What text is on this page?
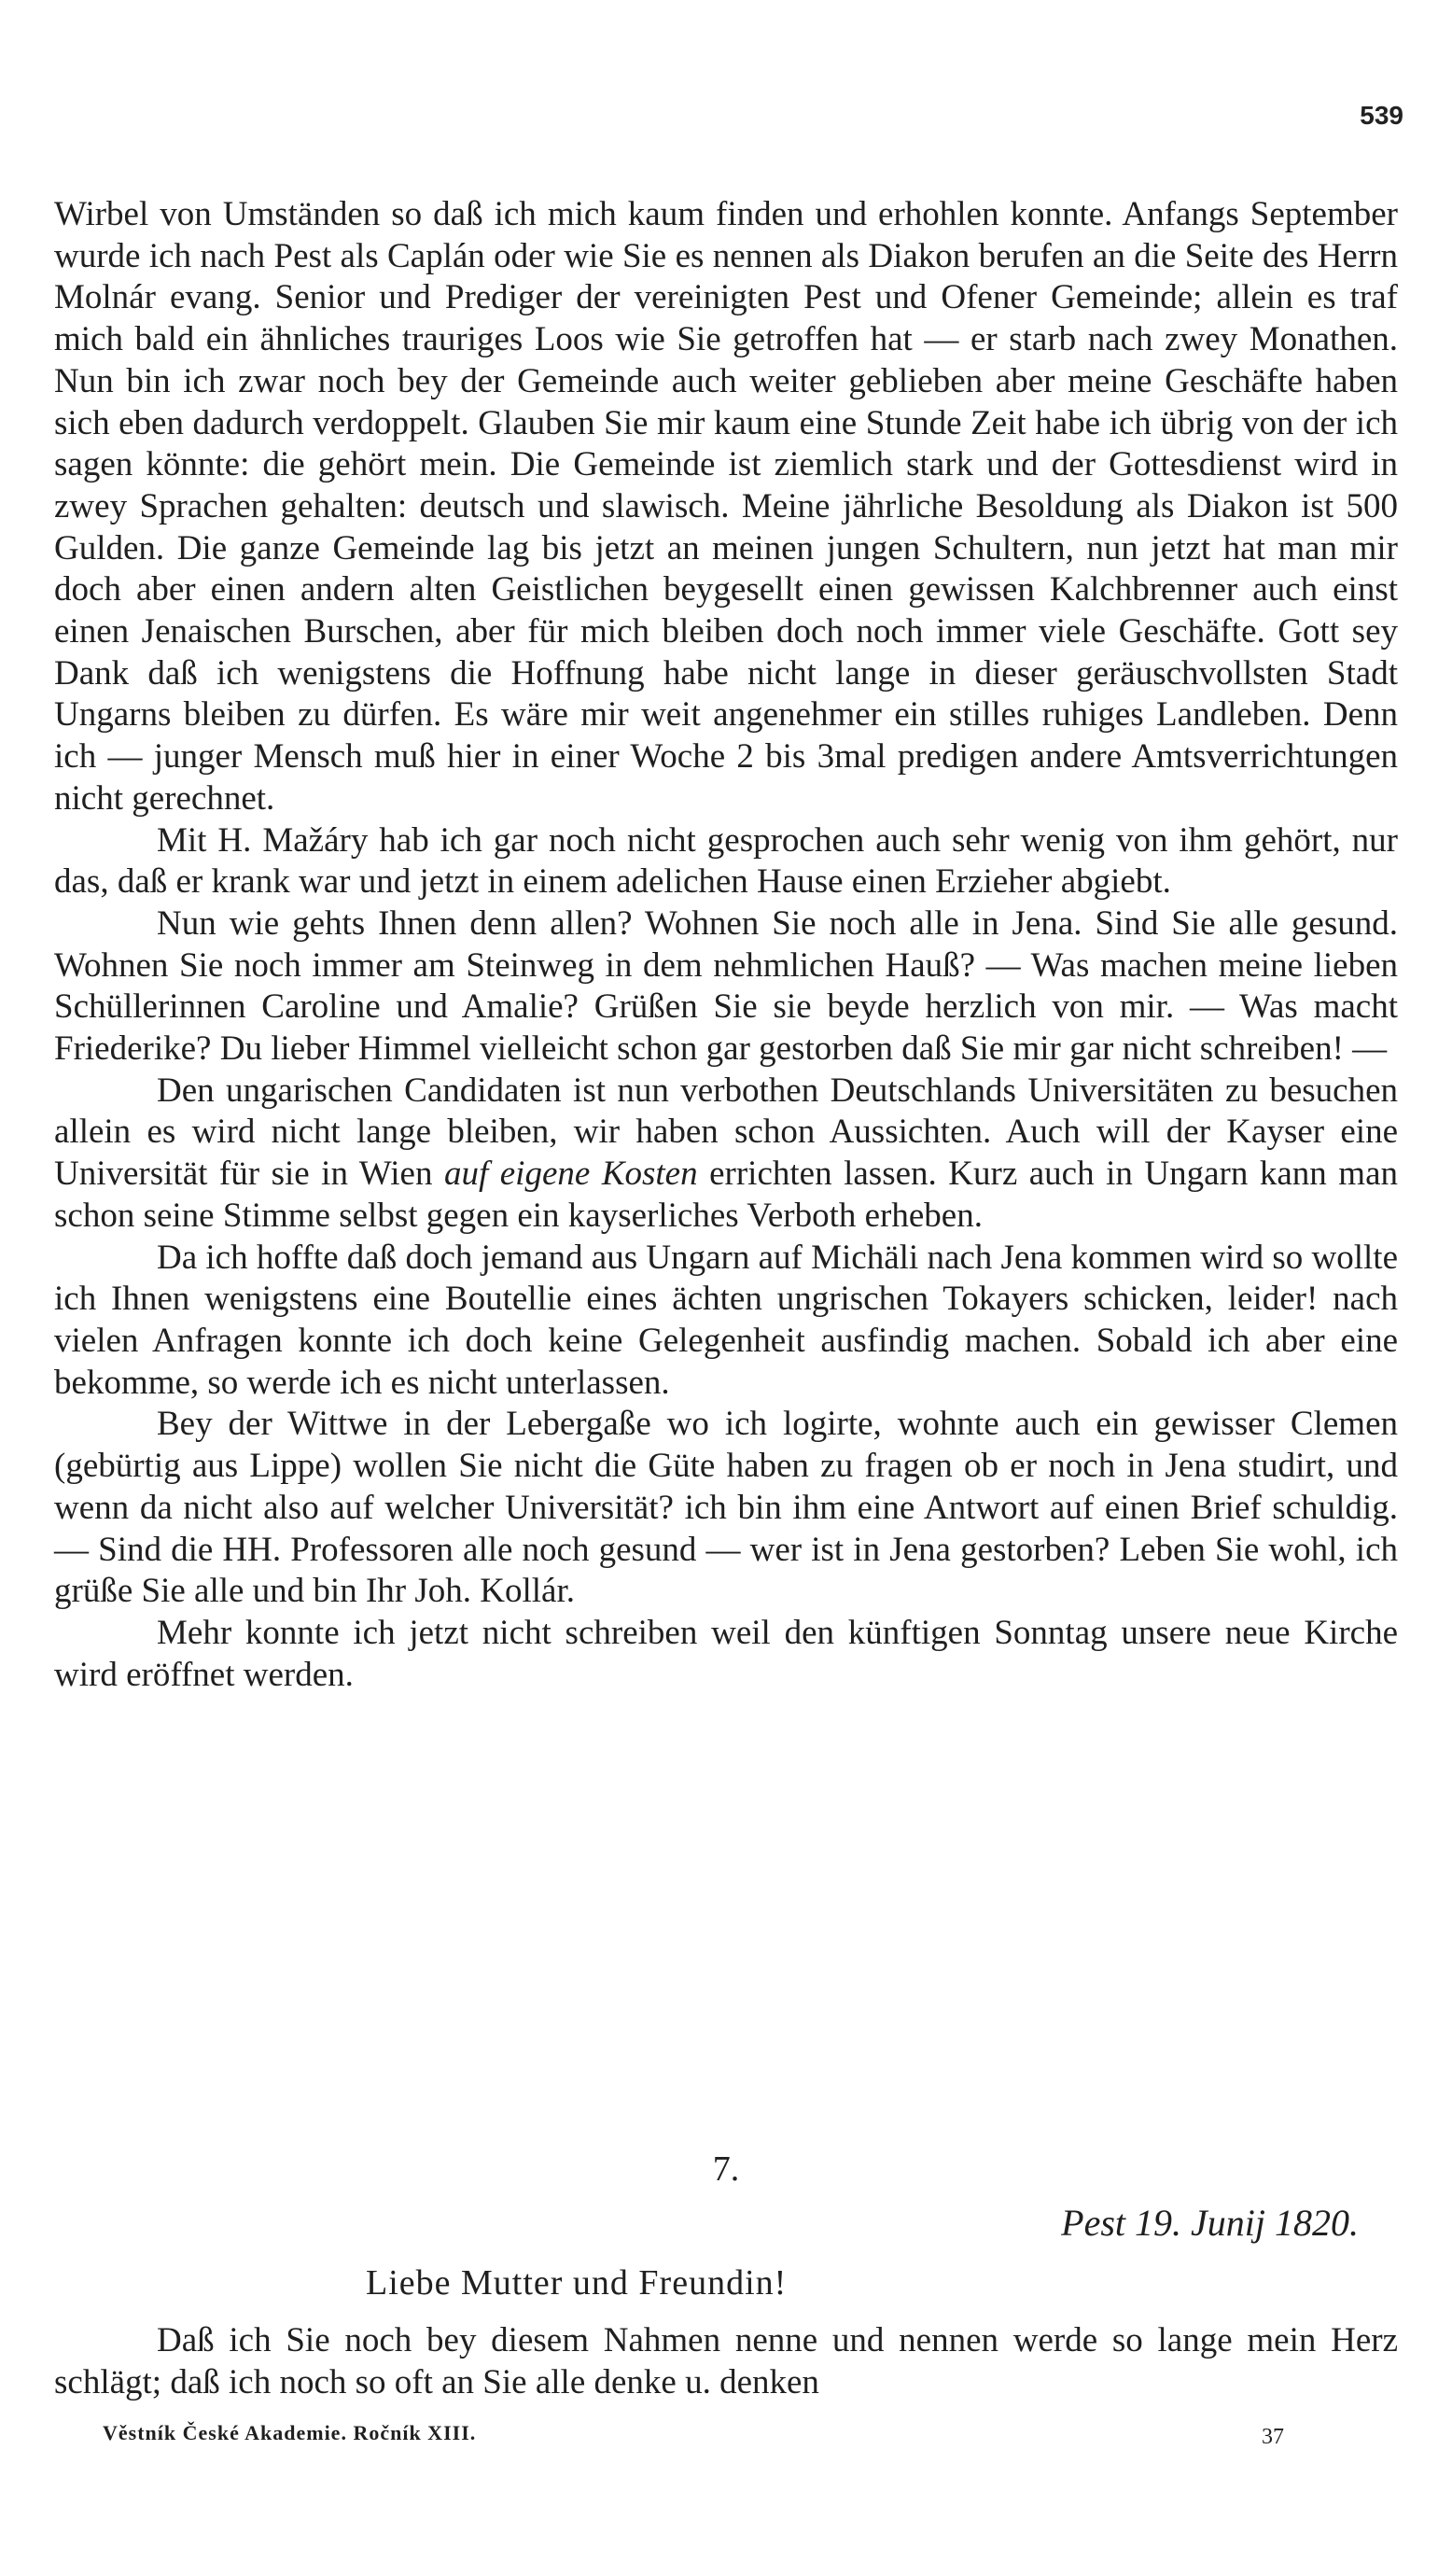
539

Wirbel von Umständen so daß ich mich kaum finden und erhohlen konnte. Anfangs September wurde ich nach Pest als Caplán oder wie Sie es nennen als Diakon berufen an die Seite des Herrn Molnár evang. Senior und Prediger der vereinigten Pest und Ofener Gemeinde; allein es traf mich bald ein ähnliches trauriges Loos wie Sie getroffen hat — er starb nach zwey Monathen. Nun bin ich zwar noch bey der Gemeinde auch weiter geblieben aber meine Geschäfte haben sich eben dadurch verdoppelt. Glauben Sie mir kaum eine Stunde Zeit habe ich übrig von der ich sagen könnte: die gehört mein. Die Gemeinde ist ziemlich stark und der Gottesdienst wird in zwey Sprachen gehalten: deutsch und slawisch. Meine jährliche Besoldung als Diakon ist 500 Gulden. Die ganze Gemeinde lag bis jetzt an meinen jungen Schultern, nun jetzt hat man mir doch aber einen andern alten Geistlichen beygesellt einen gewissen Kalchbrenner auch einst einen Jenaischen Burschen, aber für mich bleiben doch noch immer viele Geschäfte. Gott sey Dank daß ich wenigstens die Hoffnung habe nicht lange in dieser geräuschvollsten Stadt Ungarns bleiben zu dürfen. Es wäre mir weit angenehmer ein stilles ruhiges Landleben. Denn ich — junger Mensch muß hier in einer Woche 2 bis 3mal predigen andere Amtsverrichtungen nicht gerechnet.

Mit H. Mažáry hab ich gar noch nicht gesprochen auch sehr wenig von ihm gehört, nur das, daß er krank war und jetzt in einem adelichen Hause einen Erzieher abgiebt.

Nun wie gehts Ihnen denn allen? Wohnen Sie noch alle in Jena. Sind Sie alle gesund. Wohnen Sie noch immer am Steinweg in dem nehmlichen Hauß? — Was machen meine lieben Schüllerinnen Caroline und Amalie? Grüßen Sie sie beyde herzlich von mir. — Was macht Friederike? Du lieber Himmel vielleicht schon gar gestorben daß Sie mir gar nicht schreiben! —

Den ungarischen Candidaten ist nun verbothen Deutschlands Universitäten zu besuchen allein es wird nicht lange bleiben, wir haben schon Aussichten. Auch will der Kayser eine Universität für sie in Wien auf eigene Kosten errichten lassen. Kurz auch in Ungarn kann man schon seine Stimme selbst gegen ein kayserliches Verboth erheben.

Da ich hoffte daß doch jemand aus Ungarn auf Michäli nach Jena kommen wird so wollte ich Ihnen wenigstens eine Boutellie eines ächten ungrischen Tokayers schicken, leider! nach vielen Anfragen konnte ich doch keine Gelegenheit ausfindig machen. Sobald ich aber eine bekomme, so werde ich es nicht unterlassen.

Bey der Wittwe in der Lebergaße wo ich logirte, wohnte auch ein gewisser Clemen (gebürtig aus Lippe) wollen Sie nicht die Güte haben zu fragen ob er noch in Jena studirt, und wenn da nicht also auf welcher Universität? ich bin ihm eine Antwort auf einen Brief schuldig. — Sind die HH. Professoren alle noch gesund — wer ist in Jena gestorben? Leben Sie wohl, ich grüße Sie alle und bin Ihr Joh. Kollár.

Mehr konnte ich jetzt nicht schreiben weil den künftigen Sonntag unsere neue Kirche wird eröffnet werden.

7.
Pest 19. Junij 1820.
Liebe Mutter und Freundin!

Daß ich Sie noch bey diesem Nahmen nenne und nennen werde so lange mein Herz schlägt; daß ich noch so oft an Sie alle denke u. denken

Věstník České Akademie. Ročník XIII.	37
